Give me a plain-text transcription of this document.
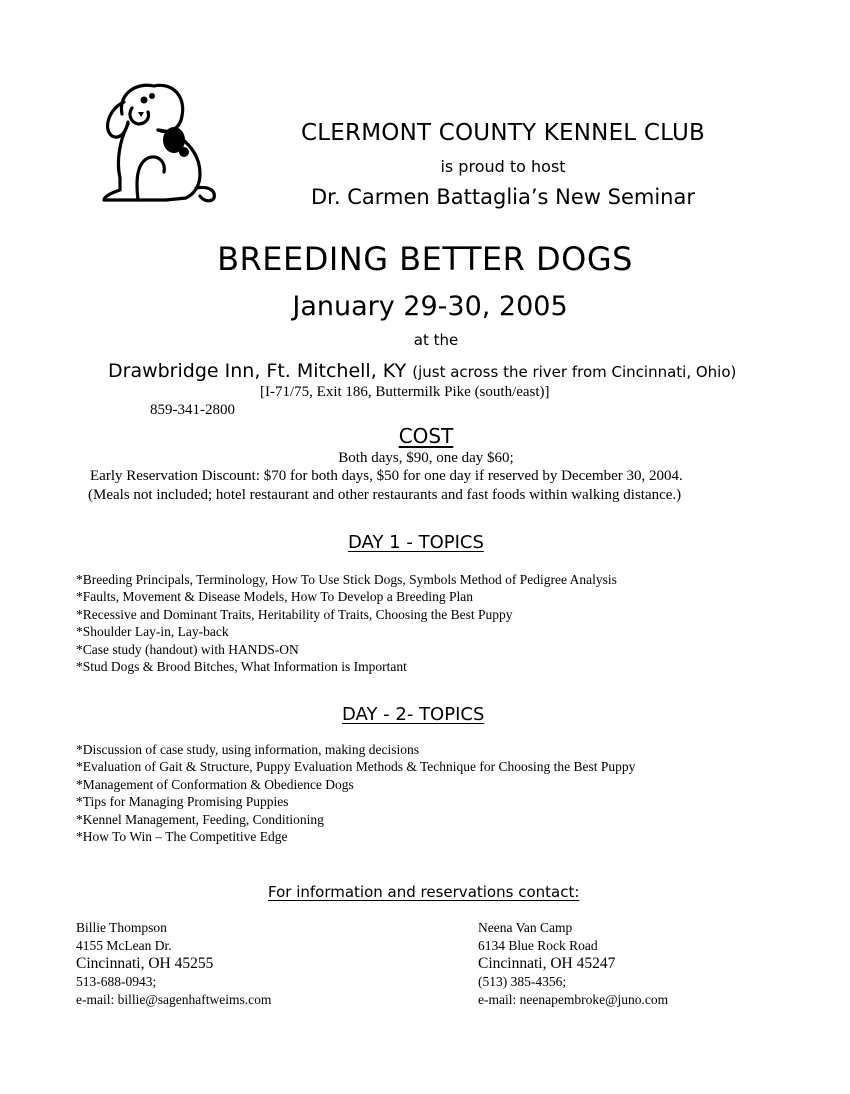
CLERMONT COUNTY KENNEL CLUB
is proud to host
Dr. Carmen Battaglia’s New Seminar
BREEDING BETTER DOGS
January 29-30, 2005
at the
Drawbridge Inn, Ft. Mitchell, KY (just across the river from Cincinnati, Ohio)
[I-71/75, Exit 186, Buttermilk Pike (south/east)]
859-341-2800
COST
Both days, $90, one day $60;
Early Reservation Discount: $70 for both days, $50 for one day if reserved by December 30, 2004.
(Meals not included; hotel restaurant and other restaurants and fast foods within walking distance.)
DAY 1 - TOPICS
*Breeding Principals, Terminology, How To Use Stick Dogs, Symbols Method of Pedigree Analysis
*Faults, Movement & Disease Models, How To Develop a Breeding Plan
*Recessive and Dominant Traits, Heritability of Traits, Choosing the Best Puppy
*Shoulder Lay-in, Lay-back
*Case study (handout) with HANDS-ON
*Stud Dogs & Brood Bitches, What Information is Important
DAY - 2- TOPICS
*Discussion of case study, using information, making decisions
*Evaluation of Gait & Structure, Puppy Evaluation Methods & Technique for Choosing the Best Puppy
*Management of Conformation & Obedience Dogs
*Tips for Managing Promising Puppies
*Kennel Management, Feeding, Conditioning
*How To Win – The Competitive Edge
For information and reservations contact:
Billie Thompson
4155 McLean Dr.
Cincinnati, OH 45255
513-688-0943;
e-mail: billie@sagenhaftweims.com
Neena Van Camp
6134 Blue Rock Road
Cincinnati, OH 45247
(513) 385-4356;
e-mail: neenapembroke@juno.com
